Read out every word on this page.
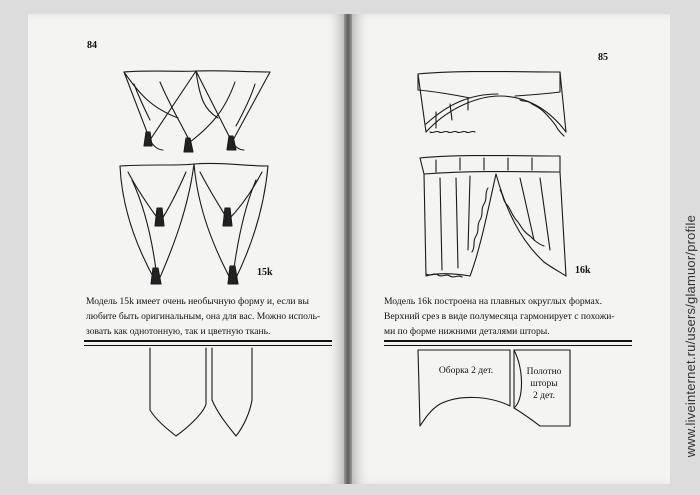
84
15k
Модель 15k имеет очень необычную форму и, если вы
любите быть оригинальным, она для вас. Можно исполь-
зовать как однотонную, так и цветную ткань.
85
16k
Модель 16k построена на плавных округлых формах.
Верхний срез в виде полумесяца гармонирует с похожи-
ми по форме нижними деталями шторы.
Оборка 2 дет.	Полотно
шторы
2 дет.	www.liveinternet.ru/users/glamuor/profile
